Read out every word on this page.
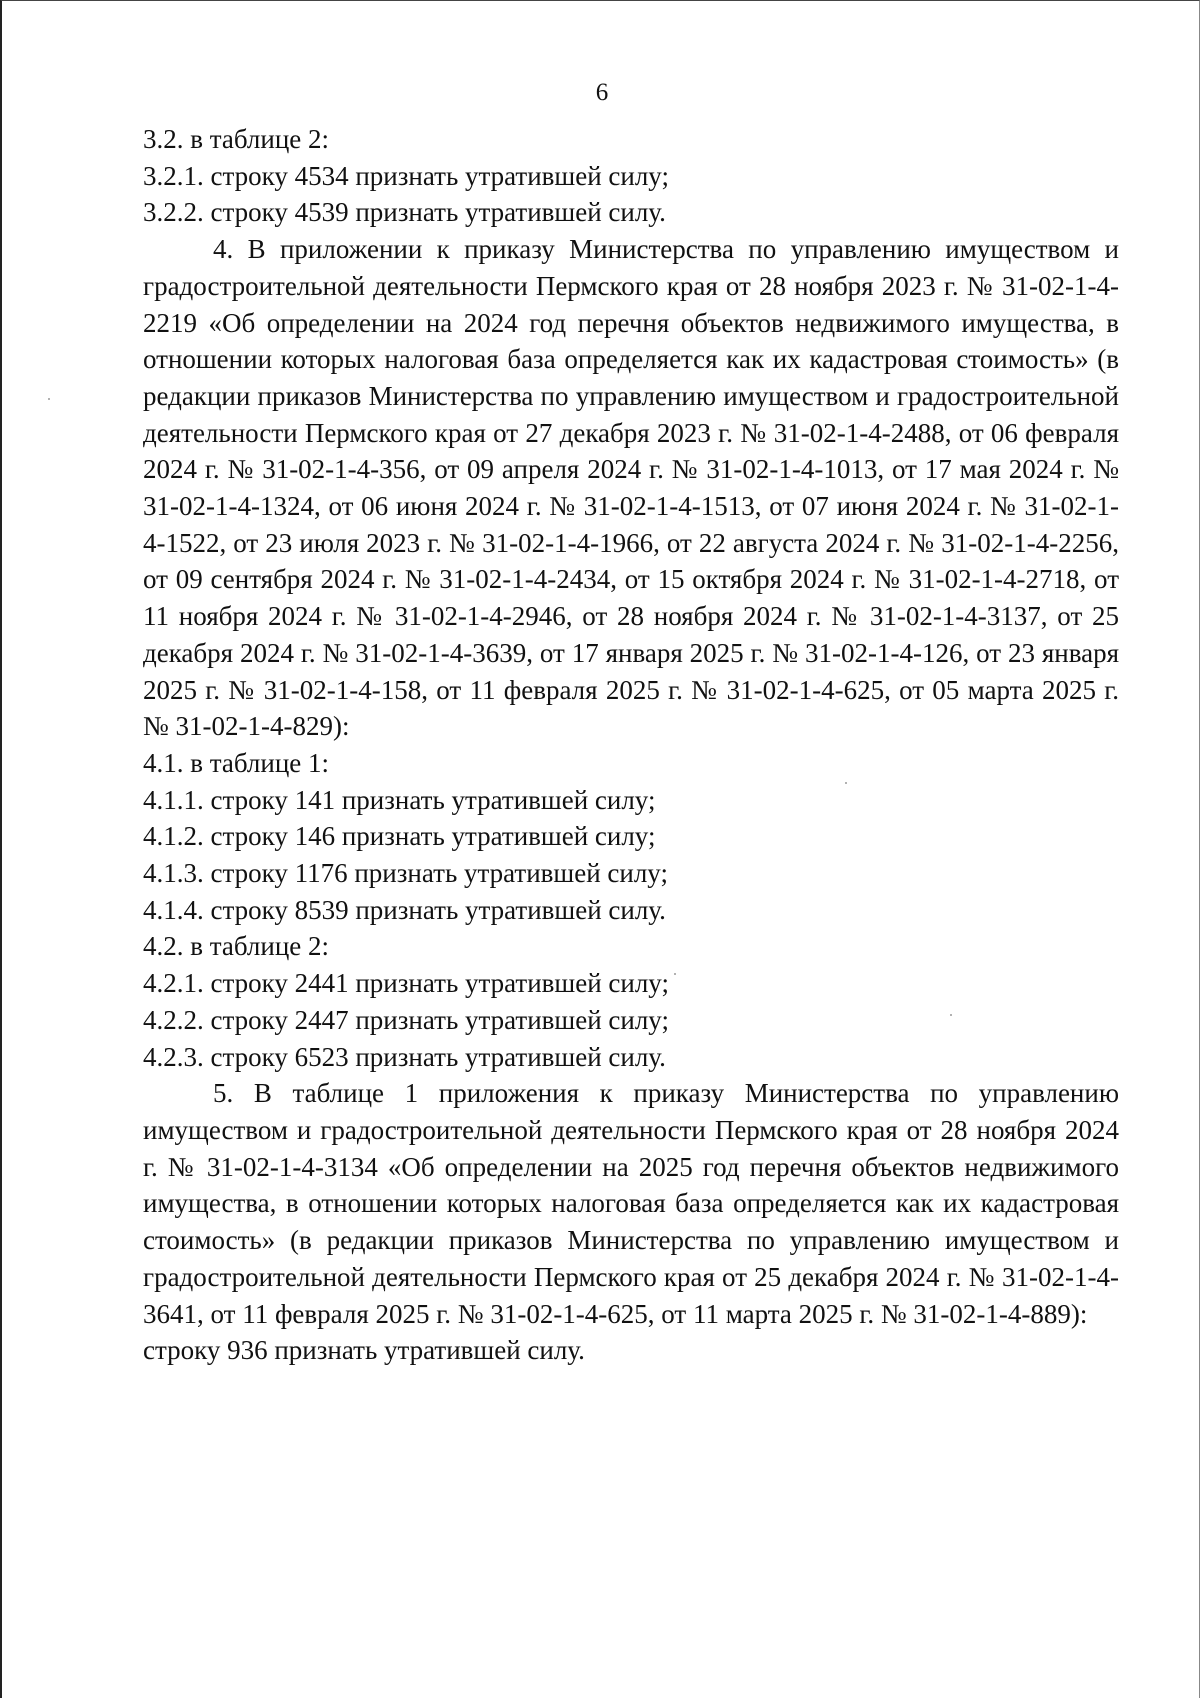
6

3.2. в таблице 2:

3.2.1. строку 4534 признать утратившей силу;

3.2.2. строку 4539 признать утратившей силу.

4. В приложении к приказу Министерства по управлению имуществом и градостроительной деятельности Пермского края от 28 ноября 2023 г. № 31-02-1-4-2219 «Об определении на 2024 год перечня объектов недвижимого имущества, в отношении которых налоговая база определяется как их кадастровая стоимость» (в редакции приказов Министерства по управлению имуществом и градостроительной деятельности Пермского края от 27 декабря 2023 г. № 31-02-1-4-2488, от 06 февраля 2024 г. № 31-02-1-4-356, от 09 апреля 2024 г. № 31-02-1-4-1013, от 17 мая 2024 г. № 31-02-1-4-1324, от 06 июня 2024 г. № 31-02-1-4-1513, от 07 июня 2024 г. № 31-02-1-4-1522, от 23 июля 2023 г. № 31-02-1-4-1966, от 22 августа 2024 г. № 31-02-1-4-2256, от 09 сентября 2024 г. № 31-02-1-4-2434, от 15 октября 2024 г. № 31-02-1-4-2718, от 11 ноября 2024 г. № 31-02-1-4-2946, от 28 ноября 2024 г. № 31-02-1-4-3137, от 25 декабря 2024 г. № 31-02-1-4-3639, от 17 января 2025 г. № 31-02-1-4-126, от 23 января 2025 г. № 31-02-1-4-158, от 11 февраля 2025 г. № 31-02-1-4-625, от 05 марта 2025 г. № 31-02-1-4-829):

4.1. в таблице 1:

4.1.1. строку 141 признать утратившей силу;

4.1.2. строку 146 признать утратившей силу;

4.1.3. строку 1176 признать утратившей силу;

4.1.4. строку 8539 признать утратившей силу.

4.2. в таблице 2:

4.2.1. строку 2441 признать утратившей силу;

4.2.2. строку 2447 признать утратившей силу;

4.2.3. строку 6523 признать утратившей силу.

5. В таблице 1 приложения к приказу Министерства по управлению имуществом и градостроительной деятельности Пермского края от 28 ноября 2024 г. № 31-02-1-4-3134 «Об определении на 2025 год перечня объектов недвижимого имущества, в отношении которых налоговая база определяется как их кадастровая стоимость» (в редакции приказов Министерства по управлению имуществом и градостроительной деятельности Пермского края от 25 декабря 2024 г. № 31-02-1-4-3641, от 11 февраля 2025 г. № 31-02-1-4-625, от 11 марта 2025 г. № 31-02-1-4-889):

строку 936 признать утратившей силу.
